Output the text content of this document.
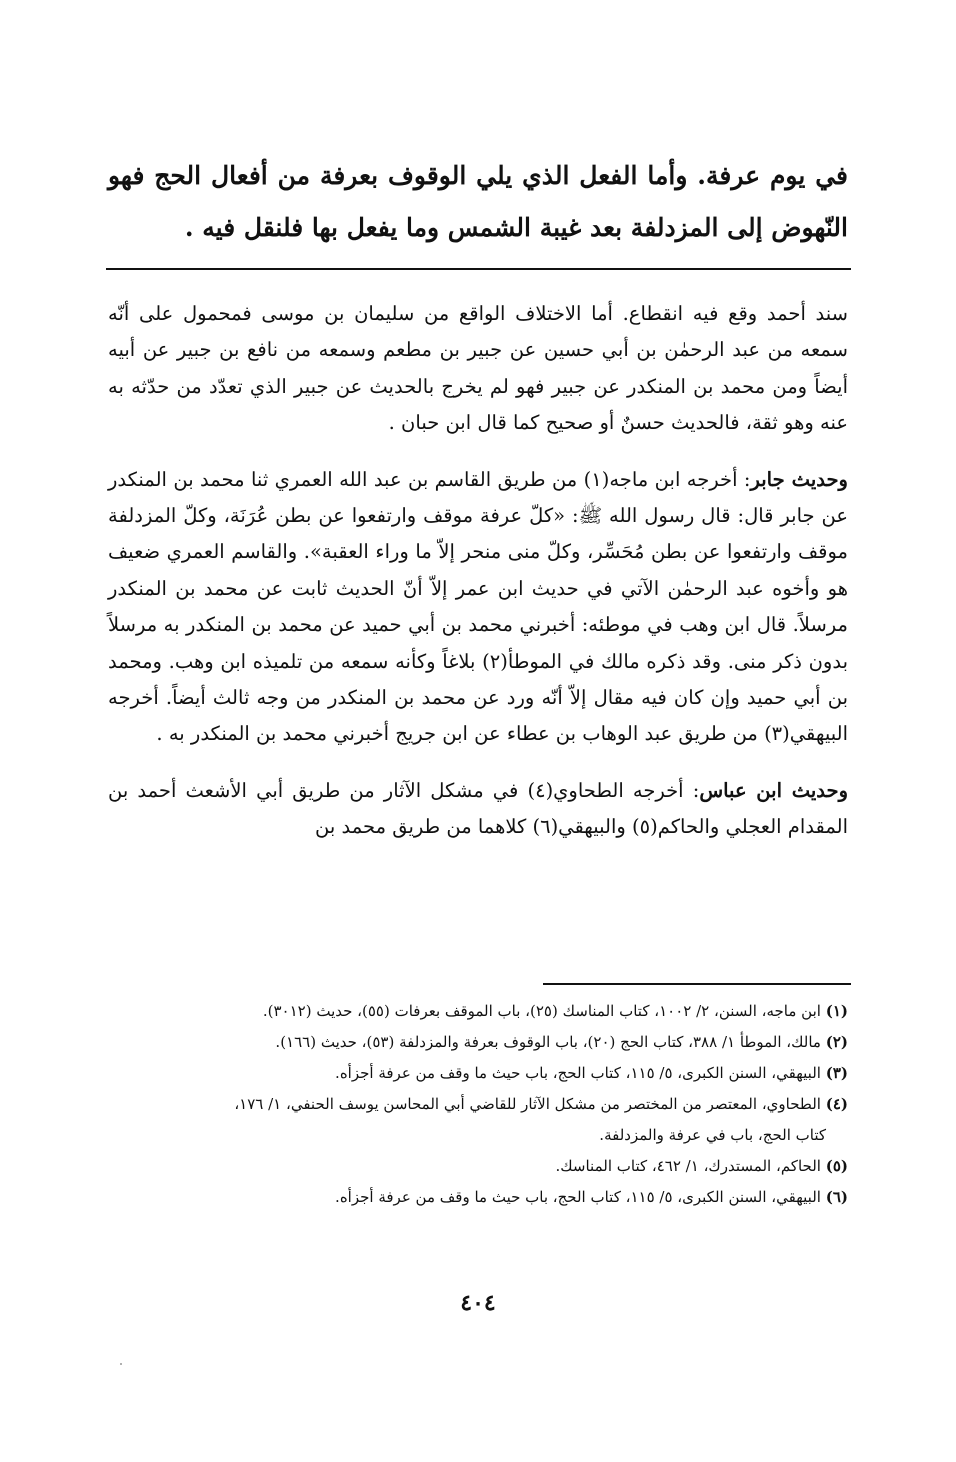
في يوم عرفة. وأما الفعل الذي يلي الوقوف بعرفة من أفعال الحج فهو النّهوض إلى المزدلفة بعد غيبة الشمس وما يفعل بها فلنقل فيه .

سند أحمد وقع فيه انقطاع. أما الاختلاف الواقع من سليمان بن موسى فمحمول على أنّه سمعه من عبد الرحمٰن بن أبي حسين عن جبير بن مطعم وسمعه من نافع بن جبير عن أبيه أيضاً ومن محمد بن المنكدر عن جبير فهو لم يخرج بالحديث عن جبير الذي تعدّد من حدّثه به عنه وهو ثقة، فالحديث حسنٌ أو صحيح كما قال ابن حبان .

وحديث جابر: أخرجه ابن ماجه(١) من طريق القاسم بن عبد الله العمري ثنا محمد بن المنكدر عن جابر قال: قال رسول الله ﷺ: «كلّ عرفة موقف وارتفعوا عن بطن عُرَنَة، وكلّ المزدلفة موقف وارتفعوا عن بطن مُحَسِّر، وكلّ منى منحر إلاّ ما وراء العقبة». والقاسم العمري ضعيف هو وأخوه عبد الرحمٰن الآتي في حديث ابن عمر إلاّ أنّ الحديث ثابت عن محمد بن المنكدر مرسلاً. قال ابن وهب في موطئه: أخبرني محمد بن أبي حميد عن محمد بن المنكدر به مرسلاً بدون ذكر منى. وقد ذكره مالك في الموطأ(٢) بلاغاً وكأنه سمعه من تلميذه ابن وهب. ومحمد بن أبي حميد وإن كان فيه مقال إلاّ أنّه ورد عن محمد بن المنكدر من وجه ثالث أيضاً. أخرجه البيهقي(٣) من طريق عبد الوهاب بن عطاء عن ابن جريج أخبرني محمد بن المنكدر به .

وحديث ابن عباس: أخرجه الطحاوي(٤) في مشكل الآثار من طريق أبي الأشعث أحمد بن المقدام العجلي والحاكم(٥) والبيهقي(٦) كلاهما من طريق محمد بن

(١) ابن ماجه، السنن، ٢/ ١٠٠٢، كتاب المناسك (٢٥)، باب الموقف بعرفات (٥٥)، حديث (٣٠١٢).
(٢) مالك، الموطأ ١/ ٣٨٨، كتاب الحج (٢٠)، باب الوقوف بعرفة والمزدلفة (٥٣)، حديث (١٦٦).
(٣) البيهقي، السنن الكبرى، ٥/ ١١٥، كتاب الحج، باب حيث ما وقف من عرفة أجزأه.
(٤) الطحاوي، المعتصر من المختصر من مشكل الآثار للقاضي أبي المحاسن يوسف الحنفي، ١/ ١٧٦،
كتاب الحج، باب في عرفة والمزدلفة.
(٥) الحاكم، المستدرك، ١/ ٤٦٢، كتاب المناسك.
(٦) البيهقي، السنن الكبرى، ٥/ ١١٥، كتاب الحج، باب حيث ما وقف من عرفة أجزأه.
٤٠٤
